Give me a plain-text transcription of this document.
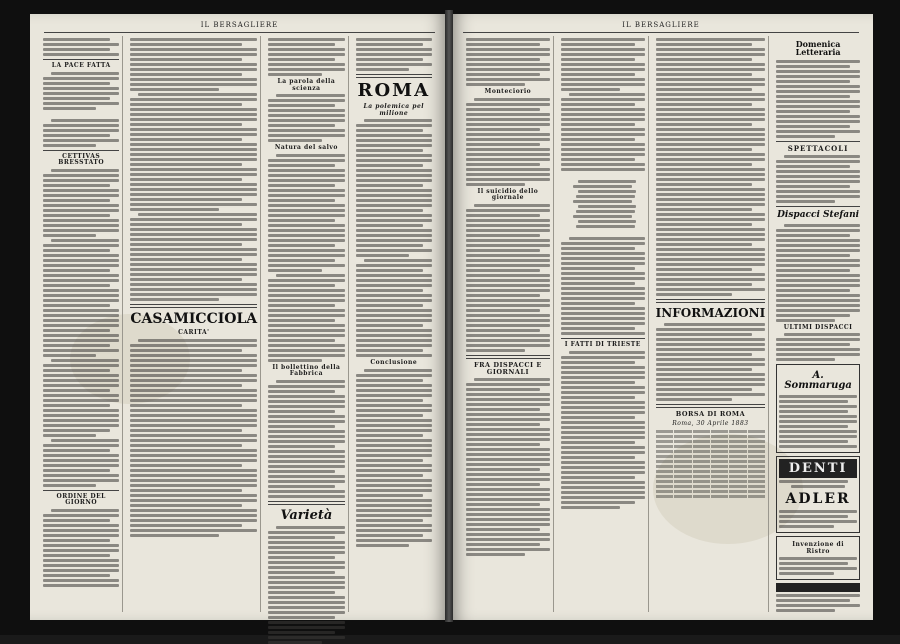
IL BERSAGLIERE
LA PACE FATTA
CETTIVAS BRESSTATO
ORDINE DEL GIORNO
CASAMICCIOLA
CARITA'
La parola della scienza
Natura del salvo
Il bollettino della Fabbrica
Varietà
ROMA
La polemica pel milione
Conclusione
IL BERSAGLIERE
Monteciorio
Il suicidio dello giornale
FRA DISPACCI E GIORNALI
I FATTI DI TRIESTE
INFORMAZIONI
BORSA DI ROMA
Roma, 30 Aprile 1883
Domenica Letteraria
SPETTACOLI
Dispacci Stefani
ULTIMI DISPACCI
A. Sommaruga
DENTI
ADLER
Invenzione di Ristro
